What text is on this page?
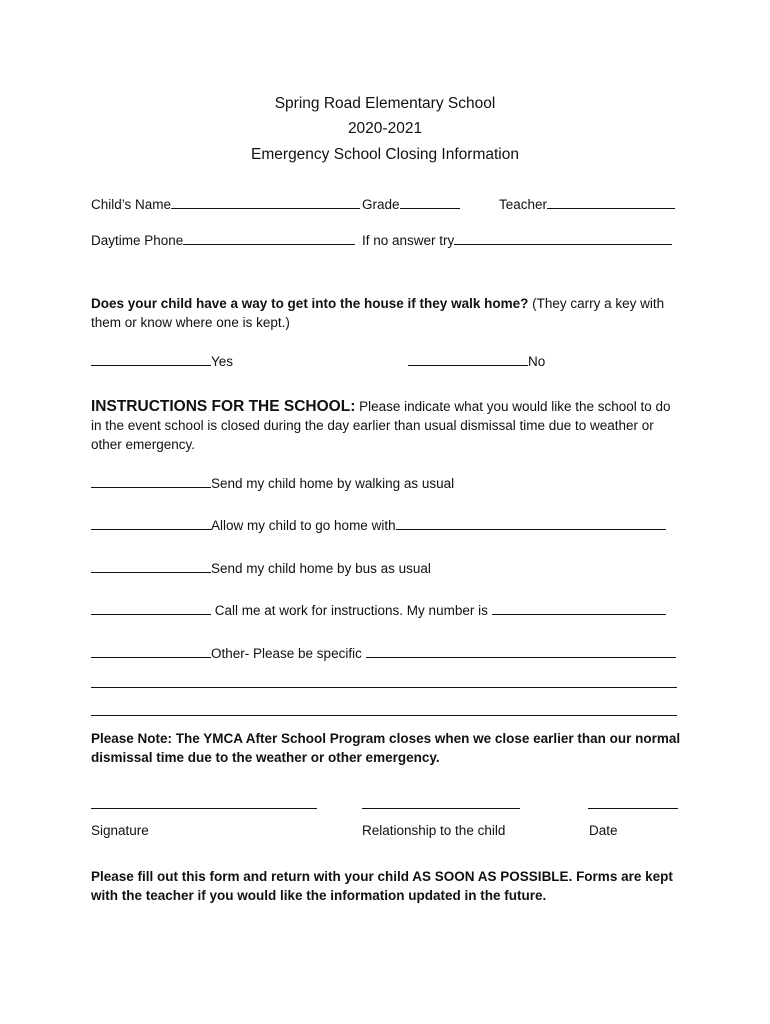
Spring Road Elementary School
2020-2021
Emergency School Closing Information
Child’s Name	Grade	Teacher
Daytime Phone	If no answer try
Does your child have a way to get into the house if they walk home? (They carry a key with them or know where one is kept.)
Yes	No
INSTRUCTIONS FOR THE SCHOOL: Please indicate what you would like the school to do in the event school is closed during the day earlier than usual dismissal time due to weather or other emergency.
Send my child home by walking as usual
Allow my child to go home with
Send my child home by bus as usual
Call me at work for instructions. My number is
Other- Please be specific
Please Note: The YMCA After School Program closes when we close earlier than our normal dismissal time due to the weather or other emergency.
Signature	Relationship to the child	Date
Please fill out this form and return with your child AS SOON AS POSSIBLE. Forms are kept with the teacher if you would like the information updated in the future.
